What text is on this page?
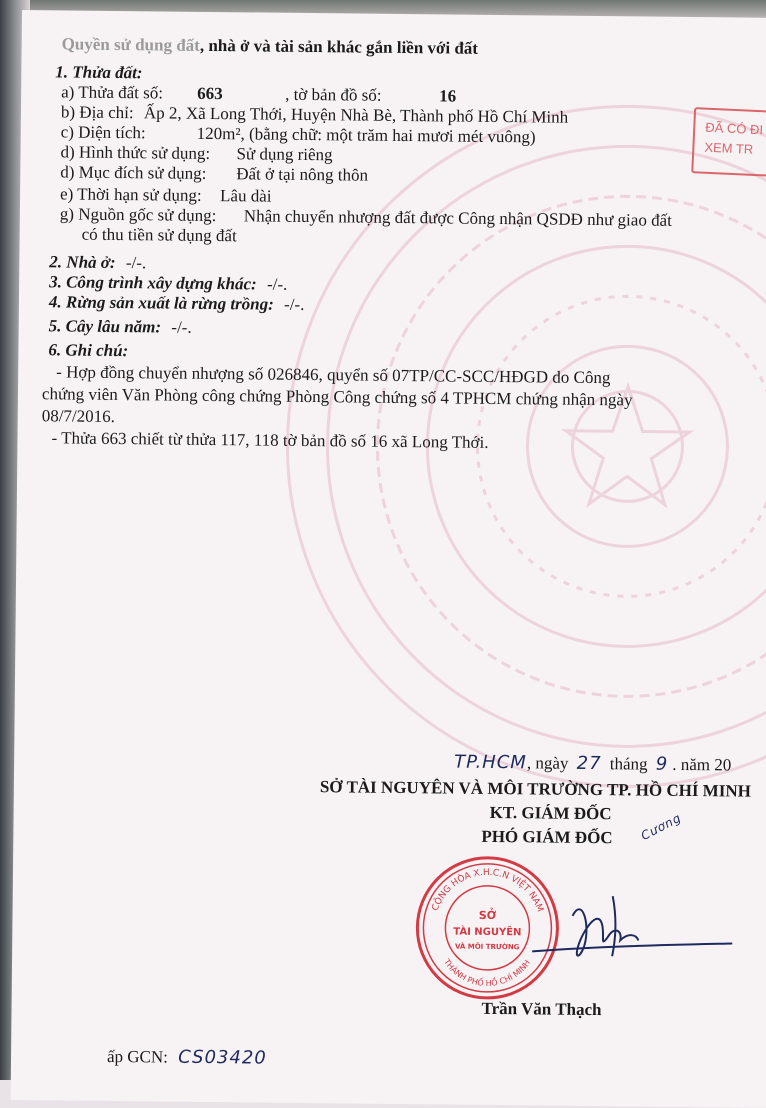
Quyền sử dụng đất, nhà ở và tài sản khác gắn liền với đất
1. Thửa đất:
a) Thửa đất số: 663	, tờ bản đồ số:	16
b) Địa chỉ: Ấp 2, Xã Long Thới, Huyện Nhà Bè, Thành phố Hồ Chí Minh
c) Diện tích:	120m², (bằng chữ: một trăm hai mươi mét vuông)
d) Hình thức sử dụng: Sử dụng riêng
d) Mục đích sử dụng: Đất ở tại nông thôn
e) Thời hạn sử dụng: Lâu dài
g) Nguồn gốc sử dụng: Nhận chuyển nhượng đất được Công nhận QSDĐ như giao đất
có thu tiền sử dụng đất
2. Nhà ở: -/-.
3. Công trình xây dựng khác: -/-.
4. Rừng sản xuất là rừng trồng: -/-.
5. Cây lâu năm: -/-.
6. Ghi chú:
- Hợp đồng chuyển nhượng số 026846, quyển số 07TP/CC-SCC/HĐGD do Công
chứng viên Văn Phòng công chứng Phòng Công chứng số 4 TPHCM chứng nhận ngày
08/7/2016.
- Thửa 663 chiết từ thửa 117, 118 tờ bản đồ số 16 xã Long Thới.
TP.HCM, ngày 27 tháng 9 . năm 20
SỞ TÀI NGUYÊN VÀ MÔI TRƯỜNG TP. HỒ CHÍ MINH
KT. GIÁM ĐỐC
PHÓ GIÁM ĐỐC Cương
Trần Văn Thạch
ấp GCN: CS03420
ĐÃ CÓ ĐI
XEM TR
CỘNG HÒA X.H.C.N VIỆT NAM
THÀNH PHỐ HỒ CHÍ MINH
SỞ
TÀI NGUYÊN
VÀ MÔI TRƯỜNG
